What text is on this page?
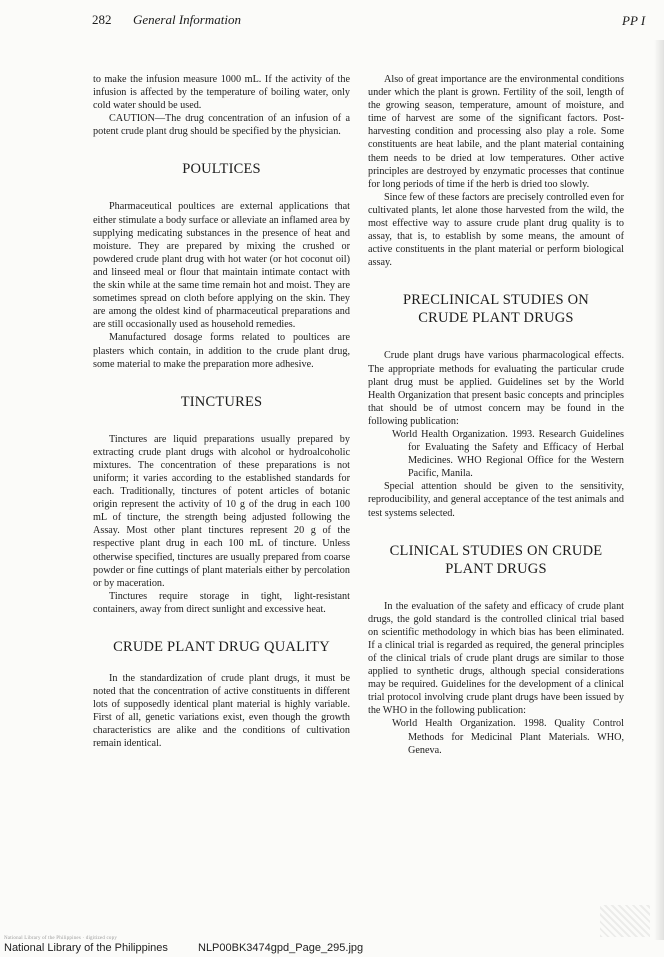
282 General Information	PP I

to make the infusion measure 1000 mL. If the activity of the infusion is affected by the temperature of boiling water, only cold water should be used.

CAUTION—The drug concentration of an infusion of a potent crude plant drug should be specified by the physician.

POULTICES

Pharmaceutical poultices are external applications that either stimulate a body surface or alleviate an inflamed area by supplying medicating substances in the presence of heat and moisture. They are prepared by mixing the crushed or powdered crude plant drug with hot water (or hot coconut oil) and linseed meal or flour that maintain intimate contact with the skin while at the same time remain hot and moist. They are sometimes spread on cloth before applying on the skin. They are among the oldest kind of pharmaceutical preparations and are still occasionally used as household remedies.

Manufactured dosage forms related to poultices are plasters which contain, in addition to the crude plant drug, some material to make the preparation more adhesive.

TINCTURES

Tinctures are liquid preparations usually prepared by extracting crude plant drugs with alcohol or hydroalcoholic mixtures. The concentration of these preparations is not uniform; it varies according to the established standards for each. Traditionally, tinctures of potent articles of botanic origin represent the activity of 10 g of the drug in each 100 mL of tincture, the strength being adjusted following the Assay. Most other plant tinctures represent 20 g of the respective plant drug in each 100 mL of tincture. Unless otherwise specified, tinctures are usually prepared from coarse powder or fine cuttings of plant materials either by percolation or by maceration.

Tinctures require storage in tight, light-resistant containers, away from direct sunlight and excessive heat.

CRUDE PLANT DRUG QUALITY

In the standardization of crude plant drugs, it must be noted that the concentration of active constituents in different lots of supposedly identical plant material is highly variable. First of all, genetic variations exist, even though the growth characteristics are alike and the conditions of cultivation remain identical.

Also of great importance are the environmental conditions under which the plant is grown. Fertility of the soil, length of the growing season, temperature, amount of moisture, and time of harvest are some of the significant factors. Post-harvesting condition and processing also play a role. Some constituents are heat labile, and the plant material containing them needs to be dried at low temperatures. Other active principles are destroyed by enzymatic processes that continue for long periods of time if the herb is dried too slowly.

Since few of these factors are precisely controlled even for cultivated plants, let alone those harvested from the wild, the most effective way to assure crude plant drug quality is to assay, that is, to establish by some means, the amount of active constituents in the plant material or perform biological assay.

PRECLINICAL STUDIES ON
CRUDE PLANT DRUGS

Crude plant drugs have various pharmacological effects. The appropriate methods for evaluating the particular crude plant drug must be applied. Guidelines set by the World Health Organization that present basic concepts and principles that should be of utmost concern may be found in the following publication:

World Health Organization. 1993. Research Guidelines for Evaluating the Safety and Efficacy of Herbal Medicines. WHO Regional Office for the Western Pacific, Manila.

Special attention should be given to the sensitivity, reproducibility, and general acceptance of the test animals and test systems selected.

CLINICAL STUDIES ON CRUDE
PLANT DRUGS

In the evaluation of the safety and efficacy of crude plant drugs, the gold standard is the controlled clinical trial based on scientific methodology in which bias has been eliminated. If a clinical trial is regarded as required, the general principles of the clinical trials of crude plant drugs are similar to those applied to synthetic drugs, although special considerations may be required. Guidelines for the development of a clinical trial protocol involving crude plant drugs have been issued by the WHO in the following publication:

World Health Organization. 1998. Quality Control Methods for Medicinal Plant Materials. WHO, Geneva.

National Library of the Philippines · digitized copy
National Library of the Philippines	NLP00BK3474gpd_Page_295.jpg
